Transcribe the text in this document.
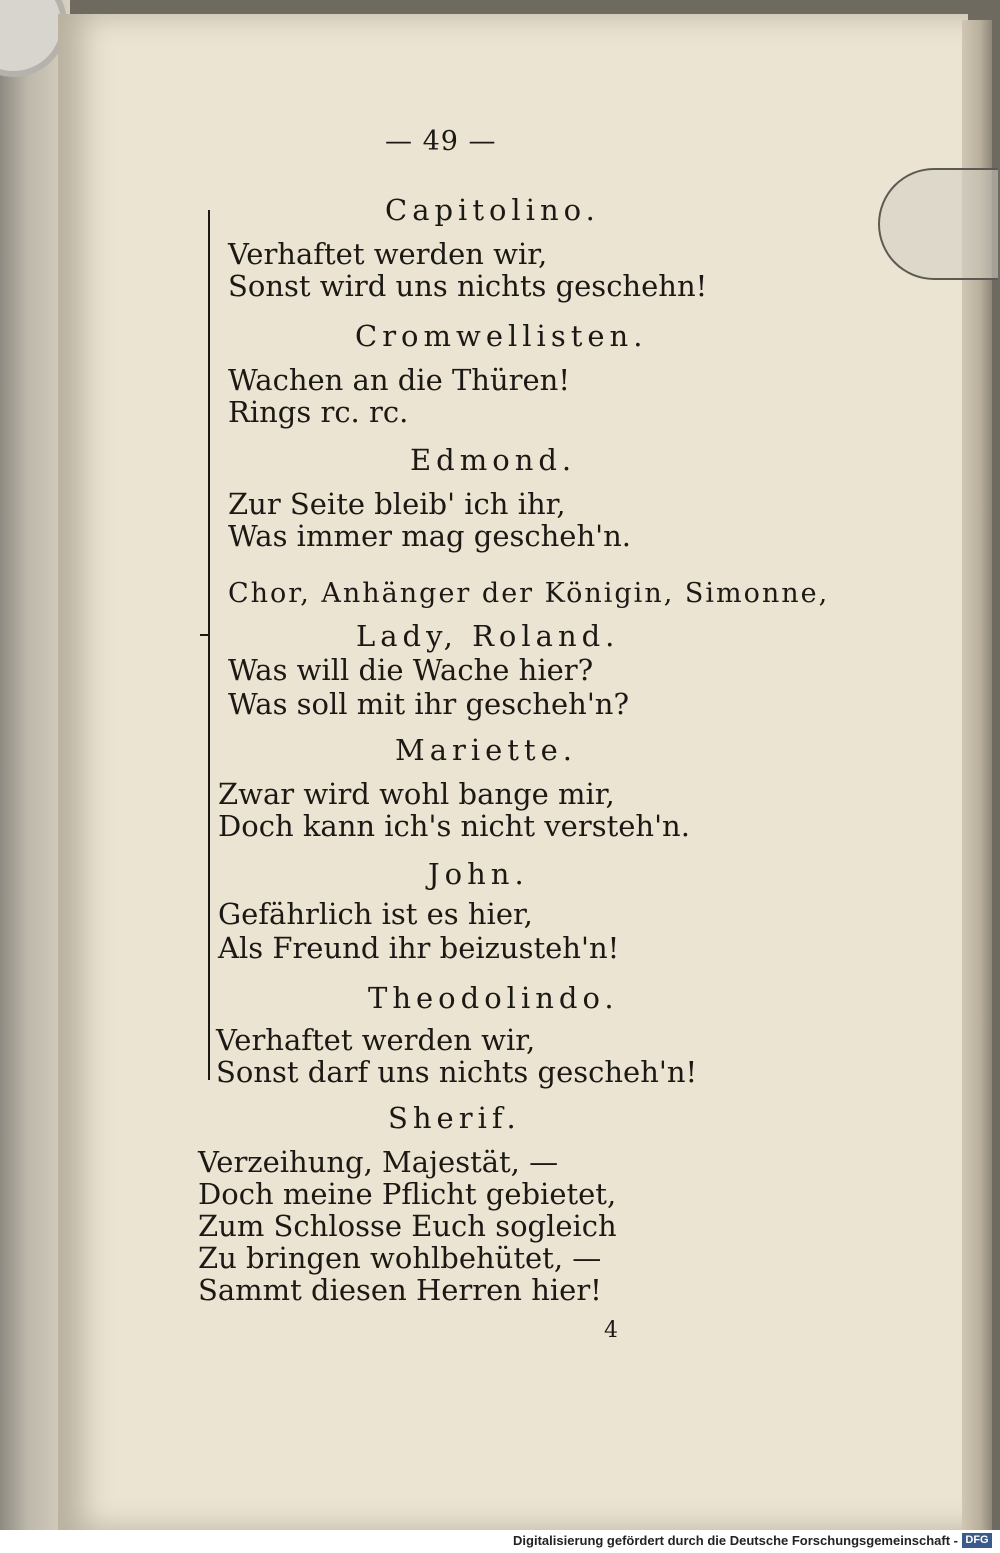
— 49 —
Capitolino.
Verhaftet werden wir,
Sonst wird uns nichts geschehn!
Cromwellisten.
Wachen an die Thüren!
Rings rc. rc.
Edmond.
Zur Seite bleib' ich ihr,
Was immer mag gescheh'n.
Chor, Anhänger der Königin, Simonne,
Lady, Roland.
Was will die Wache hier?
Was soll mit ihr gescheh'n?
Mariette.
Zwar wird wohl bange mir,
Doch kann ich's nicht versteh'n.
John.
Gefährlich ist es hier,
Als Freund ihr beizusteh'n!
Theodolindo.
Verhaftet werden wir,
Sonst darf uns nichts gescheh'n!
Sherif.
Verzeihung, Majestät, —
Doch meine Pflicht gebietet,
Zum Schlosse Euch sogleich
Zu bringen wohlbehütet, —
Sammt diesen Herren hier!
4
Digitalisierung gefördert durch die Deutsche Forschungsgemeinschaft - DFG
